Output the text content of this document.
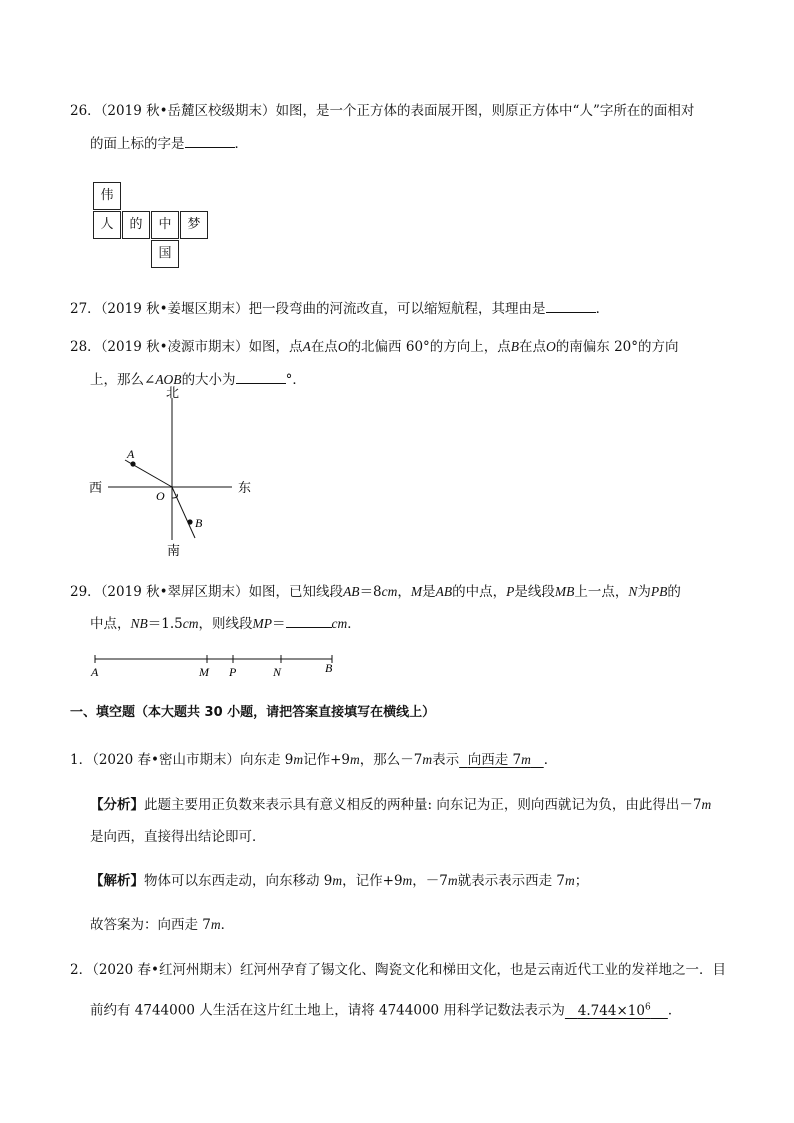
26．（2019 秋•岳麓区校级期末）如图，是一个正方体的表面展开图，则原正方体中“人”字所在的面相对
的面上标的字是	．
伟
人	的	中	梦
国
27．（2019 秋•姜堰区期末）把一段弯曲的河流改直，可以缩短航程，其理由是	．
28．（2019 秋•凌源市期末）如图，点A在点O的北偏西 60°的方向上，点B在点O的南偏东 20°的方向
上，那么∠AOB的大小为	°．
北
南
西	东
A
O
B
29．（2019 秋•翠屏区期末）如图，已知线段AB＝8cm，M是AB的中点，P是线段MB上一点，N为PB的
中点，NB＝1.5cm，则线段MP＝	cm．
A	M P	N	B
一、填空题（本大题共 30 小题，请把答案直接填写在横线上）
1．（2020 春•密山市期末）向东走 9m记作+9m，那么－7m表示 向西走 7m ．
【分析】此题主要用正负数来表示具有意义相反的两种量: 向东记为正，则向西就记为负，由此得出－7m
是向西，直接得出结论即可．
【解析】物体可以东西走动，向东移动 9m，记作+9m，－7m就表示表示西走 7m；
故答案为：向西走 7m．
2．（2020 春•红河州期末）红河州孕育了锡文化、陶瓷文化和梯田文化，也是云南近代工业的发祥地之一．目
前约有 4744000 人生活在这片红土地上，请将 4744000 用科学记数法表示为 $4.744\times 10^6$ ．
